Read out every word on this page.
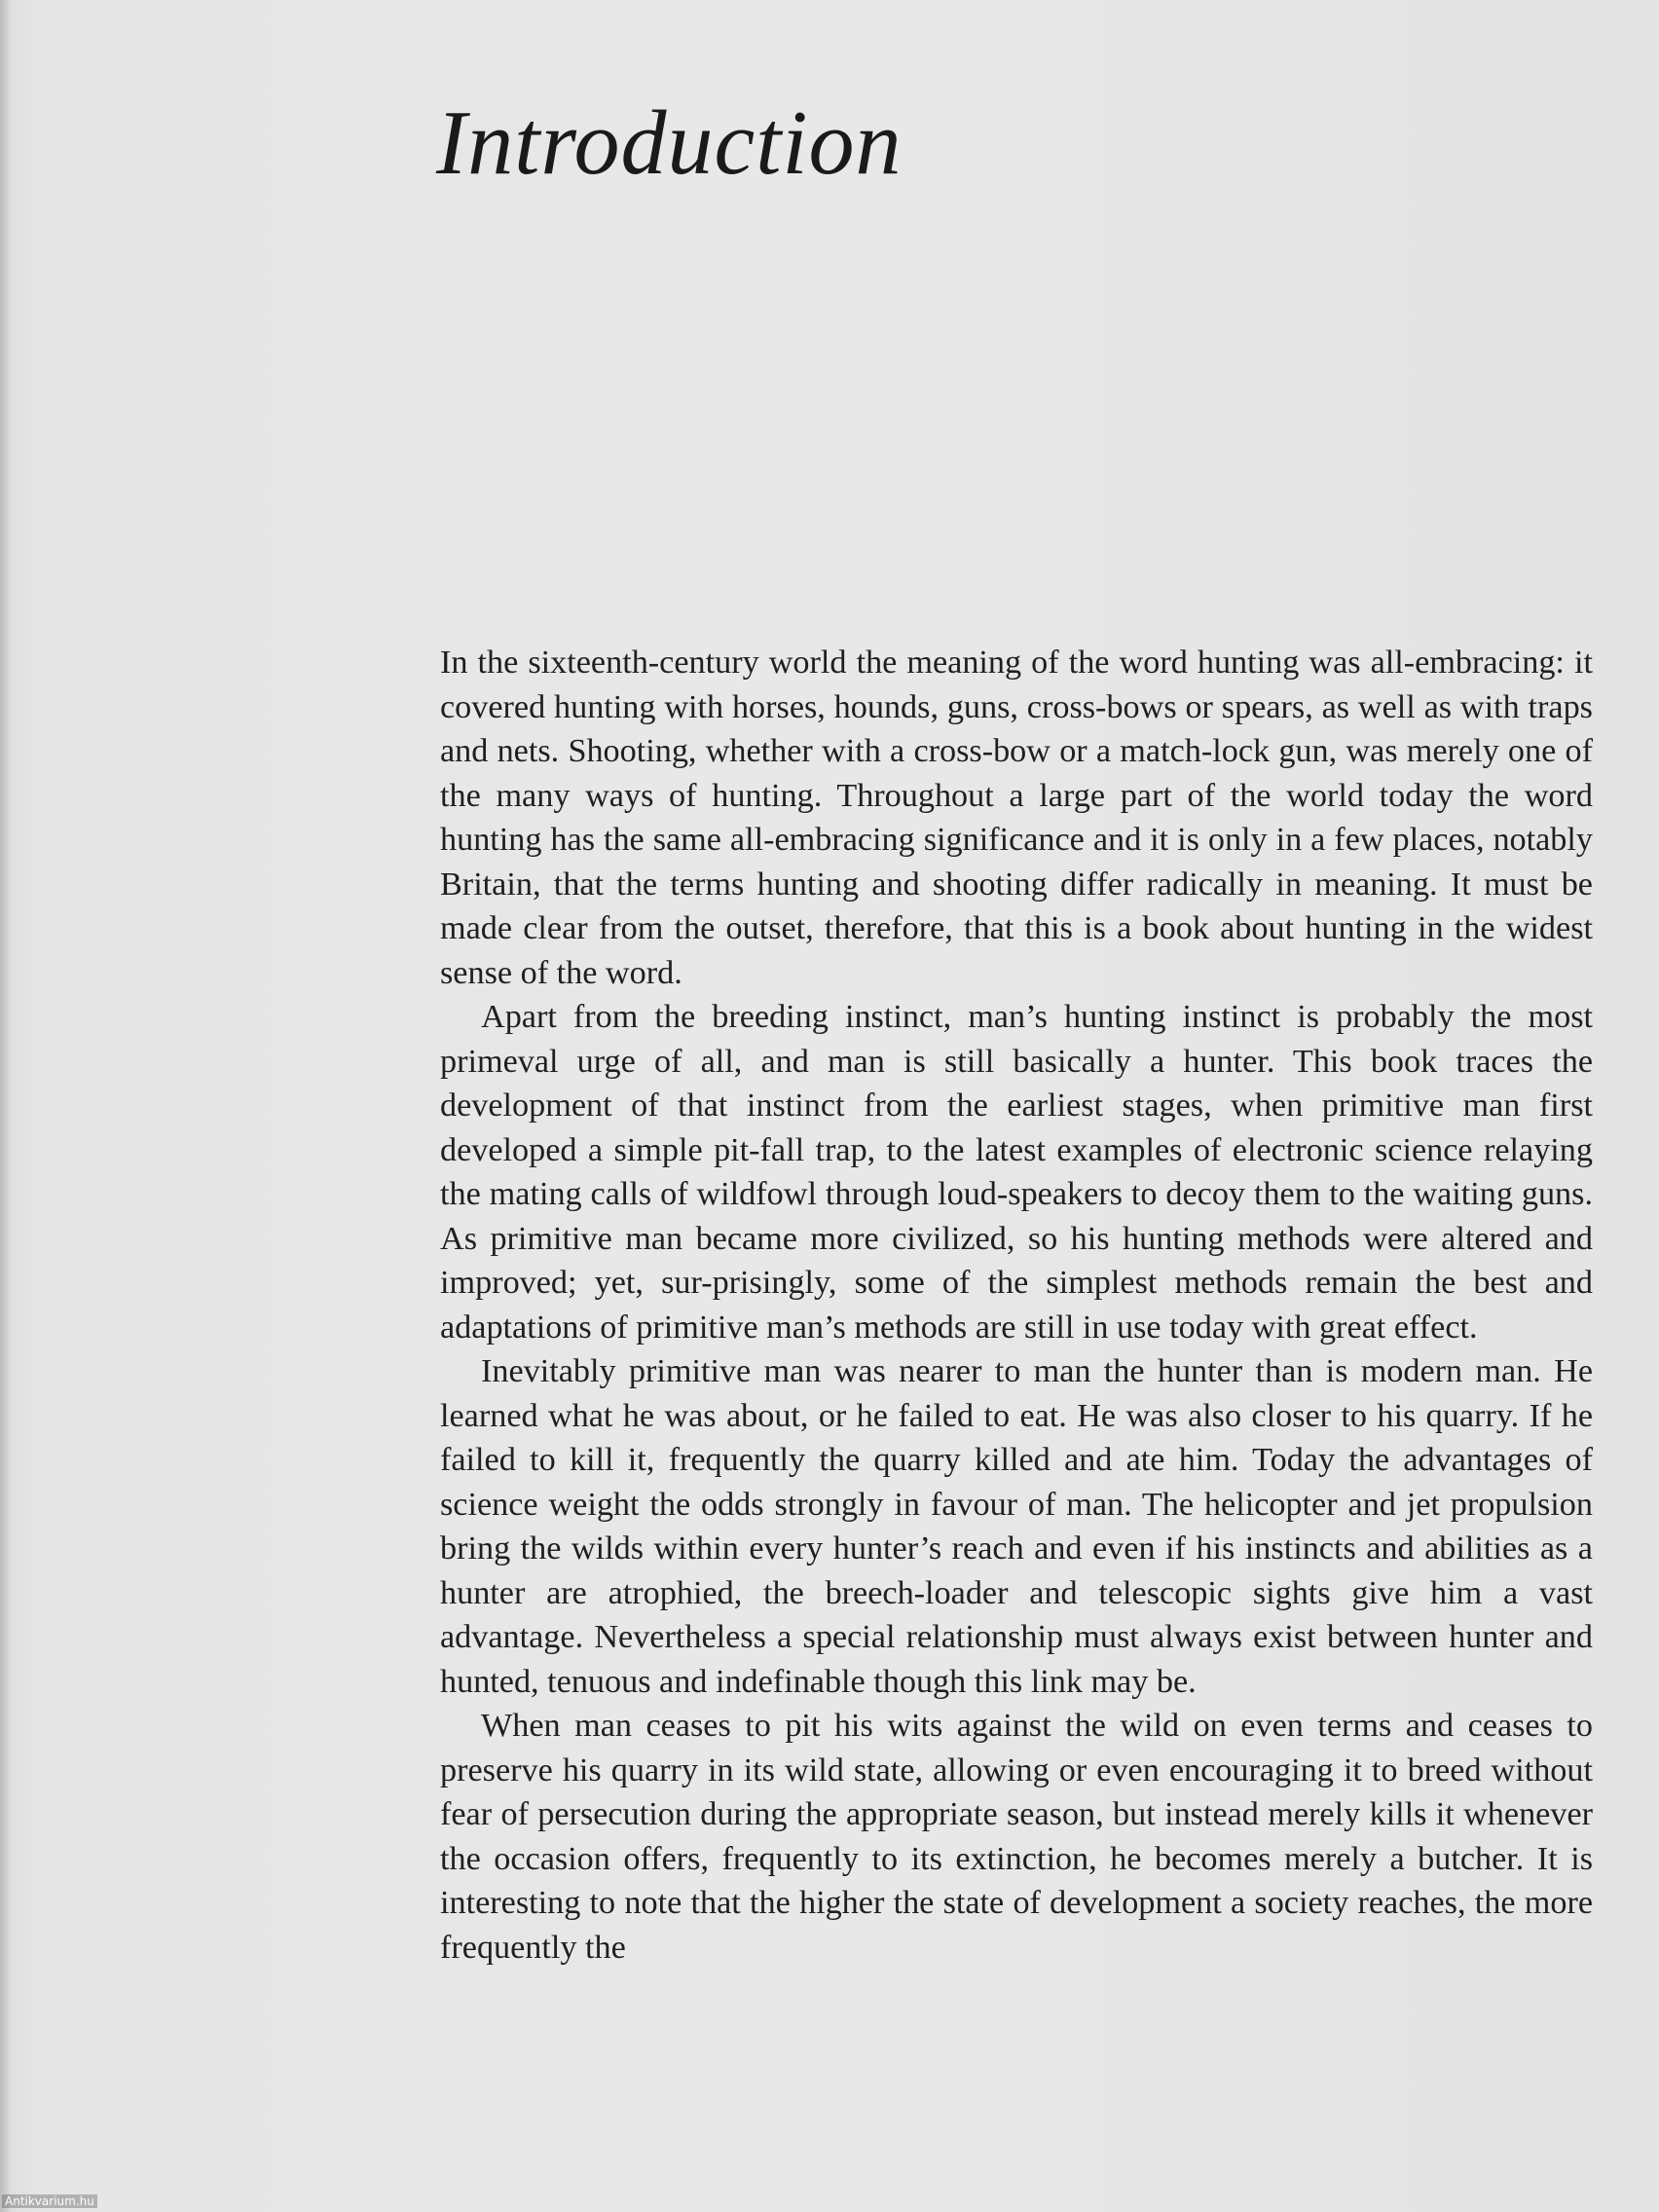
Introduction

In the sixteenth-century world the meaning of the word hunting was all-embracing: it covered hunting with horses, hounds, guns, cross-bows or spears, as well as with traps and nets. Shooting, whether with a cross-bow or a match-lock gun, was merely one of the many ways of hunting. Throughout a large part of the world today the word hunting has the same all-embracing significance and it is only in a few places, notably Britain, that the terms hunting and shooting differ radically in meaning. It must be made clear from the outset, therefore, that this is a book about hunting in the widest sense of the word.

Apart from the breeding instinct, man’s hunting instinct is probably the most primeval urge of all, and man is still basically a hunter. This book traces the development of that instinct from the earliest stages, when primitive man first developed a simple pit-fall trap, to the latest examples of electronic science relaying the mating calls of wildfowl through loud-speakers to decoy them to the waiting guns. As primitive man became more civilized, so his hunting methods were altered and improved; yet, sur-prisingly, some of the simplest methods remain the best and adaptations of primitive man’s methods are still in use today with great effect.

Inevitably primitive man was nearer to man the hunter than is modern man. He learned what he was about, or he failed to eat. He was also closer to his quarry. If he failed to kill it, frequently the quarry killed and ate him. Today the advantages of science weight the odds strongly in favour of man. The helicopter and jet propulsion bring the wilds within every hunter’s reach and even if his instincts and abilities as a hunter are atrophied, the breech-loader and telescopic sights give him a vast advantage. Nevertheless a special relationship must always exist between hunter and hunted, tenuous and indefinable though this link may be.

When man ceases to pit his wits against the wild on even terms and ceases to preserve his quarry in its wild state, allowing or even encouraging it to breed without fear of persecution during the appropriate season, but instead merely kills it whenever the occasion offers, frequently to its extinction, he becomes merely a butcher. It is interesting to note that the higher the state of development a society reaches, the more frequently the

Antikvarium.hu
